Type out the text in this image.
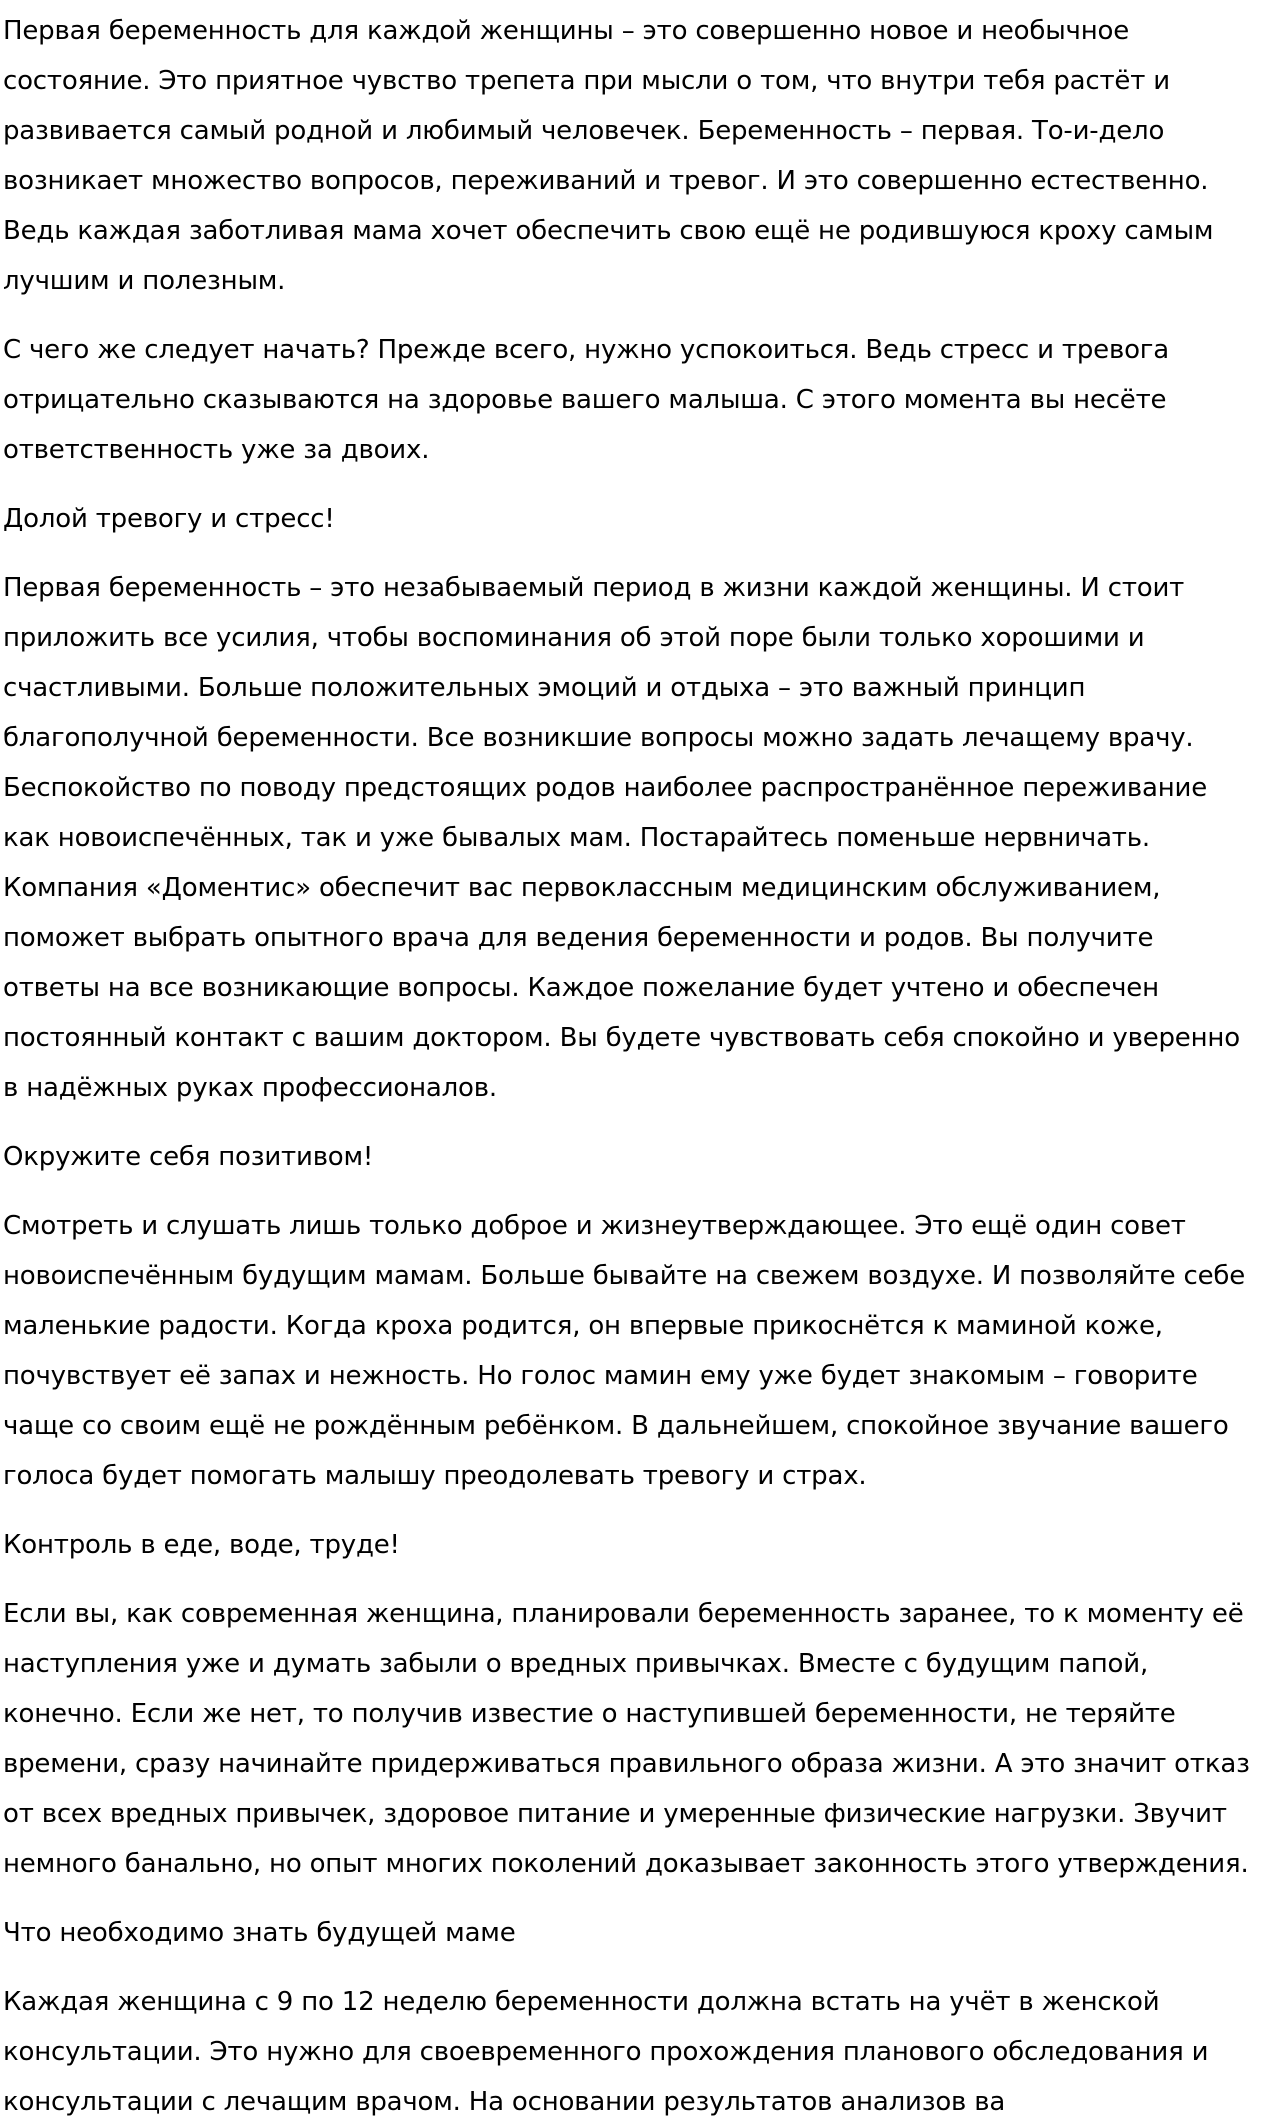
Первая беременность для каждой женщины – это совершенно новое и необычное состояние. Это приятное чувство трепета при мысли о том, что внутри тебя растёт и развивается самый родной и любимый человечек. Беременность – первая. То-и-дело возникает множество вопросов, переживаний и тревог. И это совершенно естественно. Ведь каждая заботливая мама хочет обеспечить свою ещё не родившуюся кроху самым лучшим и полезным.

С чего же следует начать? Прежде всего, нужно успокоиться. Ведь стресс и тревога отрицательно сказываются на здоровье вашего малыша. С этого момента вы несёте ответственность уже за двоих.

Долой тревогу и стресс!

Первая беременность – это незабываемый период в жизни каждой женщины. И стоит приложить все усилия, чтобы воспоминания об этой поре были только хорошими и счастливыми. Больше положительных эмоций и отдыха – это важный принцип благополучной беременности. Все возникшие вопросы можно задать лечащему врачу. Беспокойство по поводу предстоящих родов наиболее распространённое переживание как новоиспечённых, так и уже бывалых мам. Постарайтесь поменьше нервничать. Компания «Доментис» обеспечит вас первоклассным медицинским обслуживанием, поможет выбрать опытного врача для ведения беременности и родов. Вы получите ответы на все возникающие вопросы. Каждое пожелание будет учтено и обеспечен постоянный контакт с вашим доктором. Вы будете чувствовать себя спокойно и уверенно в надёжных руках профессионалов.

Окружите себя позитивом!

Смотреть и слушать лишь только доброе и жизнеутверждающее. Это ещё один совет новоиспечённым будущим мамам. Больше бывайте на свежем воздухе. И позволяйте себе маленькие радости. Когда кроха родится, он впервые прикоснётся к маминой коже, почувствует её запах и нежность. Но голос мамин ему уже будет знакомым – говорите чаще со своим ещё не рождённым ребёнком. В дальнейшем, спокойное звучание вашего голоса будет помогать малышу преодолевать тревогу и страх.

Контроль в еде, воде, труде!

Если вы, как современная женщина, планировали беременность заранее, то к моменту её наступления уже и думать забыли о вредных привычках. Вместе с будущим папой, конечно. Если же нет, то получив известие о наступившей беременности, не теряйте времени, сразу начинайте придерживаться правильного образа жизни. А это значит отказ от всех вредных привычек, здоровое питание и умеренные физические нагрузки. Звучит немного банально, но опыт многих поколений доказывает законность этого утверждения.

Что необходимо знать будущей маме

Каждая женщина с 9 по 12 неделю беременности должна встать на учёт в женской консультации. Это нужно для своевременного прохождения планового обследования и консультации с лечащим врачом. На основании результатов анализов ва
